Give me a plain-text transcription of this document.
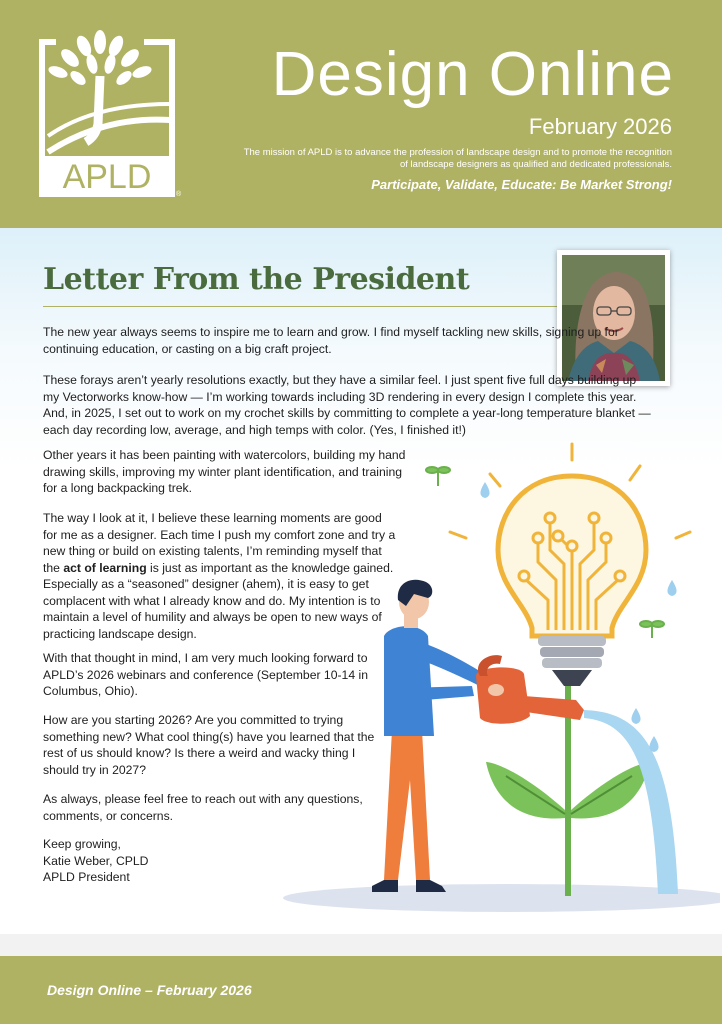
APLD	®
Design Online
February 2026
The mission of APLD is to advance the profession of landscape design and to promote the recognition of landscape designers as qualified and dedicated professionals.
Participate, Validate, Educate: Be Market Strong!
Letter From the President

The new year always seems to inspire me to learn and grow. I find myself tackling new skills, signing up for continuing education, or casting on a big craft project.

These forays aren’t yearly resolutions exactly, but they have a similar feel. I just spent five full days building up my Vectorworks know-how — I’m working towards including 3D rendering in every design I complete this year. And, in 2025, I set out to work on my crochet skills by committing to complete a year-long temperature blanket — each day recording low, average, and high temps with color. (Yes, I finished it!)

Other years it has been painting with watercolors, building my hand drawing skills, improving my winter plant identification, and training for a long backpacking trek.

The way I look at it, I believe these learning moments are good for me as a designer. Each time I push my comfort zone and try a new thing or build on existing talents, I’m reminding myself that the act of learning is just as important as the knowledge gained. Especially as a “seasoned” designer (ahem), it is easy to get complacent with what I already know and do. My intention is to maintain a level of humility and always be open to new ways of practicing landscape design.

With that thought in mind, I am very much looking forward to APLD’s 2026 webinars and conference (September 10-14 in Columbus, Ohio).

How are you starting 2026? Are you committed to trying something new? What cool thing(s) have you learned that the rest of us should know? Is there a weird and wacky thing I should try in 2027?

As always, please feel free to reach out with any questions, comments, or concerns.

Keep growing,
Katie Weber, CPLD
APLD President

Design Online – February 2026
